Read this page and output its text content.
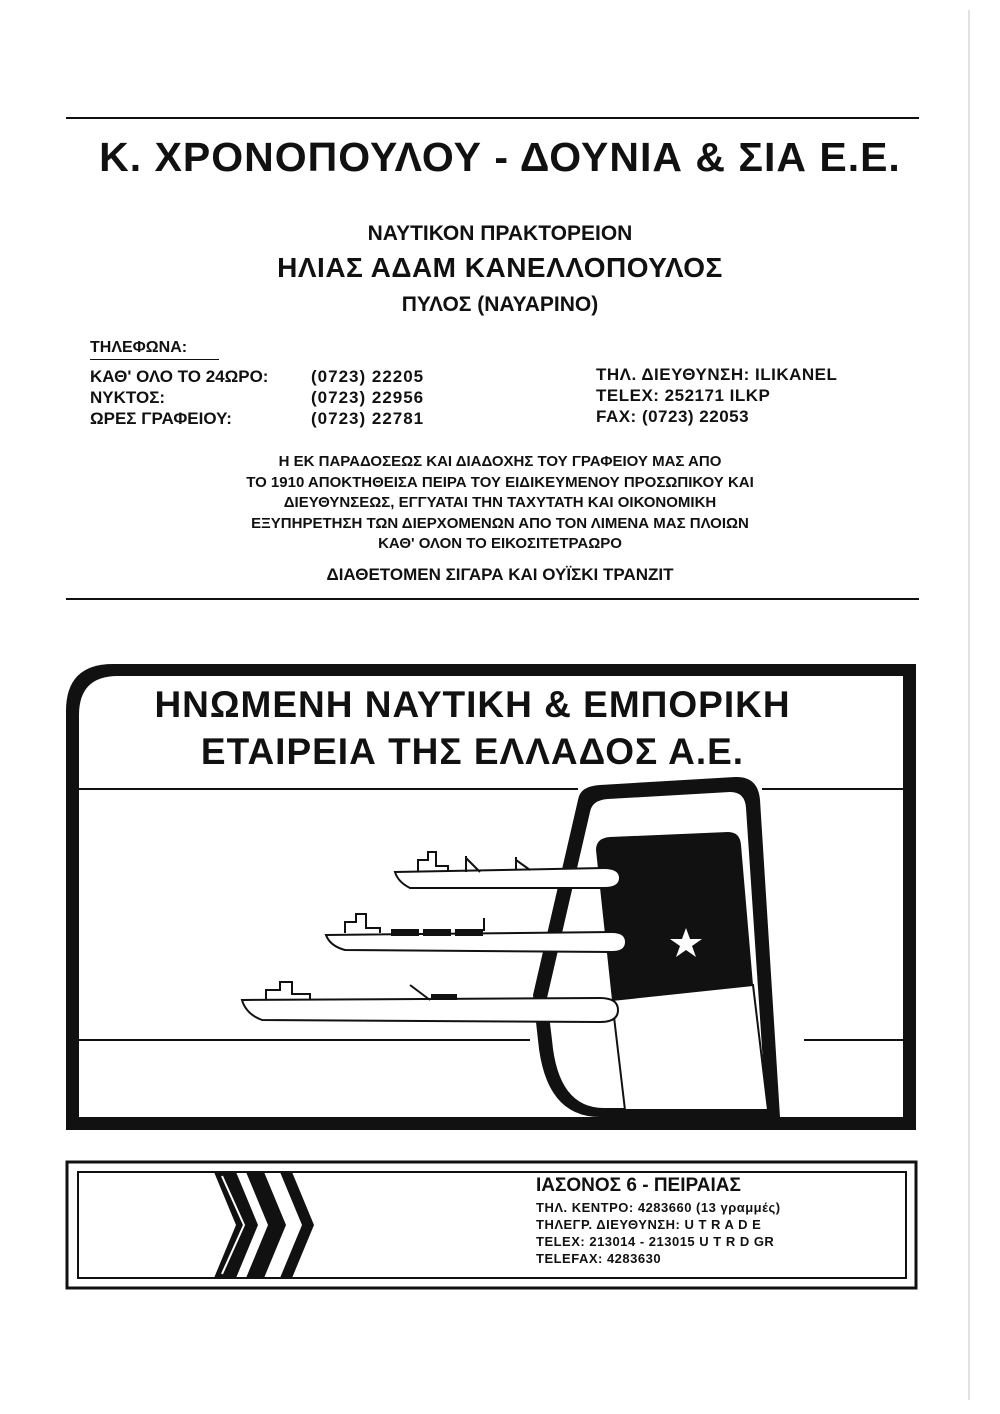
Κ. ΧΡΟΝΟΠΟΥΛΟΥ - ΔΟΥΝΙΑ & ΣΙΑ Ε.Ε.
ΝΑΥΤΙΚΟΝ ΠΡΑΚΤΟΡΕΙΟΝ
ΗΛΙΑΣ ΑΔΑΜ ΚΑΝΕΛΛΟΠΟΥΛΟΣ
ΠΥΛΟΣ (ΝΑΥΑΡΙΝΟ)
ΤΗΛΕΦΩΝΑ:
ΚΑΘ' ΟΛΟ ΤΟ 24ΩΡΟ:
ΝΥΚΤΟΣ:
ΩΡΕΣ ΓΡΑΦΕΙΟΥ:
(0723) 22205
(0723) 22956
(0723) 22781
ΤΗΛ. ΔΙΕΥΘΥΝΣΗ: ILIKANEL
TELEX: 252171 ILKP
FAX: (0723) 22053
Η ΕΚ ΠΑΡΑΔΟΣΕΩΣ ΚΑΙ ΔΙΑΔΟΧΗΣ ΤΟΥ ΓΡΑΦΕΙΟΥ ΜΑΣ ΑΠΟ
ΤΟ 1910 ΑΠΟΚΤΗΘΕΙΣΑ ΠΕΙΡΑ ΤΟΥ ΕΙΔΙΚΕΥΜΕΝΟΥ ΠΡΟΣΩΠΙΚΟΥ ΚΑΙ
ΔΙΕΥΘΥΝΣΕΩΣ, ΕΓΓΥΑΤΑΙ ΤΗΝ ΤΑΧΥΤΑΤΗ ΚΑΙ ΟΙΚΟΝΟΜΙΚΗ
ΕΞΥΠΗΡΕΤΗΣΗ ΤΩΝ ΔΙΕΡΧΟΜΕΝΩΝ ΑΠΟ ΤΟΝ ΛΙΜΕΝΑ ΜΑΣ ΠΛΟΙΩΝ
ΚΑΘ' ΟΛΟΝ ΤΟ ΕΙΚΟΣΙΤΕΤΡΑΩΡΟ
ΔΙΑΘΕΤΟΜΕΝ ΣΙΓΑΡΑ ΚΑΙ ΟΥΪΣΚΙ ΤΡΑΝΖΙΤ
ΗΝΩΜΕΝΗ ΝΑΥΤΙΚΗ & ΕΜΠΟΡΙΚΗ
ΕΤΑΙΡΕΙΑ ΤΗΣ ΕΛΛΑΔΟΣ Α.Ε.
ΙΑΣΟΝΟΣ 6 - ΠΕΙΡΑΙΑΣ
ΤΗΛ. ΚΕΝΤΡΟ: 4283660 (13 γραμμές)
ΤΗΛΕΓΡ. ΔΙΕΥΘΥΝΣΗ: U T R A D E
TELEX: 213014 - 213015 U T R D GR
TELEFAX: 4283630
